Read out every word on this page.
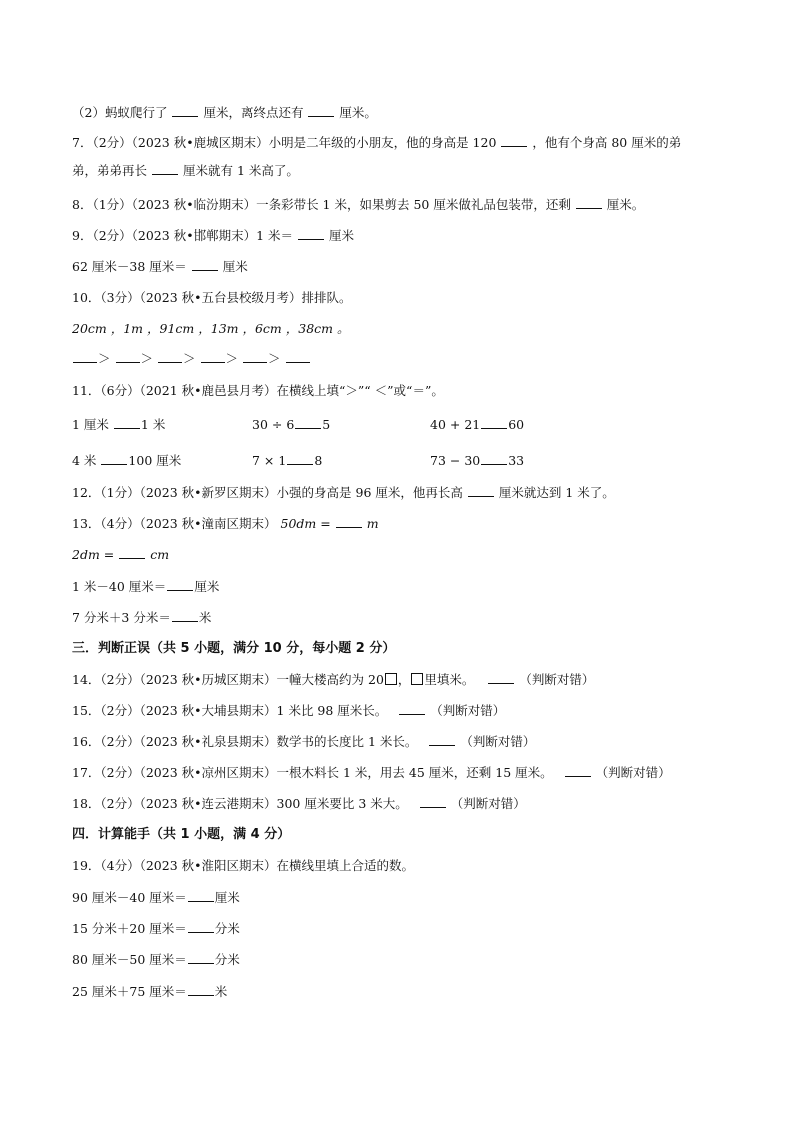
（2）蚂蚁爬行了	厘米，离终点还有	厘米。
7．（2分）（2023 秋•鹿城区期末）小明是二年级的小朋友，他的身高是 120	，他有个身高 80 厘米的弟
弟，弟弟再长	厘米就有 1 米高了。
8．（1分）（2023 秋•临汾期末）一条彩带长 1 米，如果剪去 50 厘米做礼品包装带，还剩	厘米。
9．（2分）（2023 秋•邯郸期末）1 米＝	厘米
62 厘米－38 厘米＝	厘米
10．（3分）（2023 秋•五台县校级月考）排排队。
20cm ，1m ，91cm ，13m ，6cm ，38cm 。
＞ ＞ ＞ ＞ ＞
11．（6分）（2021 秋•鹿邑县月考）在横线上填“＞”“ ＜”或“＝”。
1 厘米	1 米	30 ÷ 6 5	40 + 21 60
4 米	100 厘米	7 × 1 8	73 − 30 33
12．（1分）（2023 秋•新罗区期末）小强的身高是 96 厘米，他再长高	厘米就达到 1 米了。
13．（4分）（2023 秋•潼南区期末） 50dm =	m
2dm =	cm
1 米－40 厘米＝ 厘米
7 分米＋3 分米＝ 米
三．判断正误（共 5 小题，满分 10 分，每小题 2 分）
14．（2分）（2023 秋•历城区期末）一幢大楼高约为 20 ， 里填米。	（判断对错）
15．（2分）（2023 秋•大埔县期末）1 米比 98 厘米长。	（判断对错）
16．（2分）（2023 秋•礼泉县期末）数学书的长度比 1 米长。	（判断对错）
17．（2分）（2023 秋•凉州区期末）一根木料长 1 米，用去 45 厘米，还剩 15 厘米。	（判断对错）
18．（2分）（2023 秋•连云港期末）300 厘米要比 3 米大。	（判断对错）
四．计算能手（共 1 小题，满 4 分）
19．（4分）（2023 秋•淮阳区期末）在横线里填上合适的数。
90 厘米－40 厘米＝ 厘米
15 分米＋20 厘米＝ 分米
80 厘米－50 厘米＝ 分米
25 厘米＋75 厘米＝ 米
